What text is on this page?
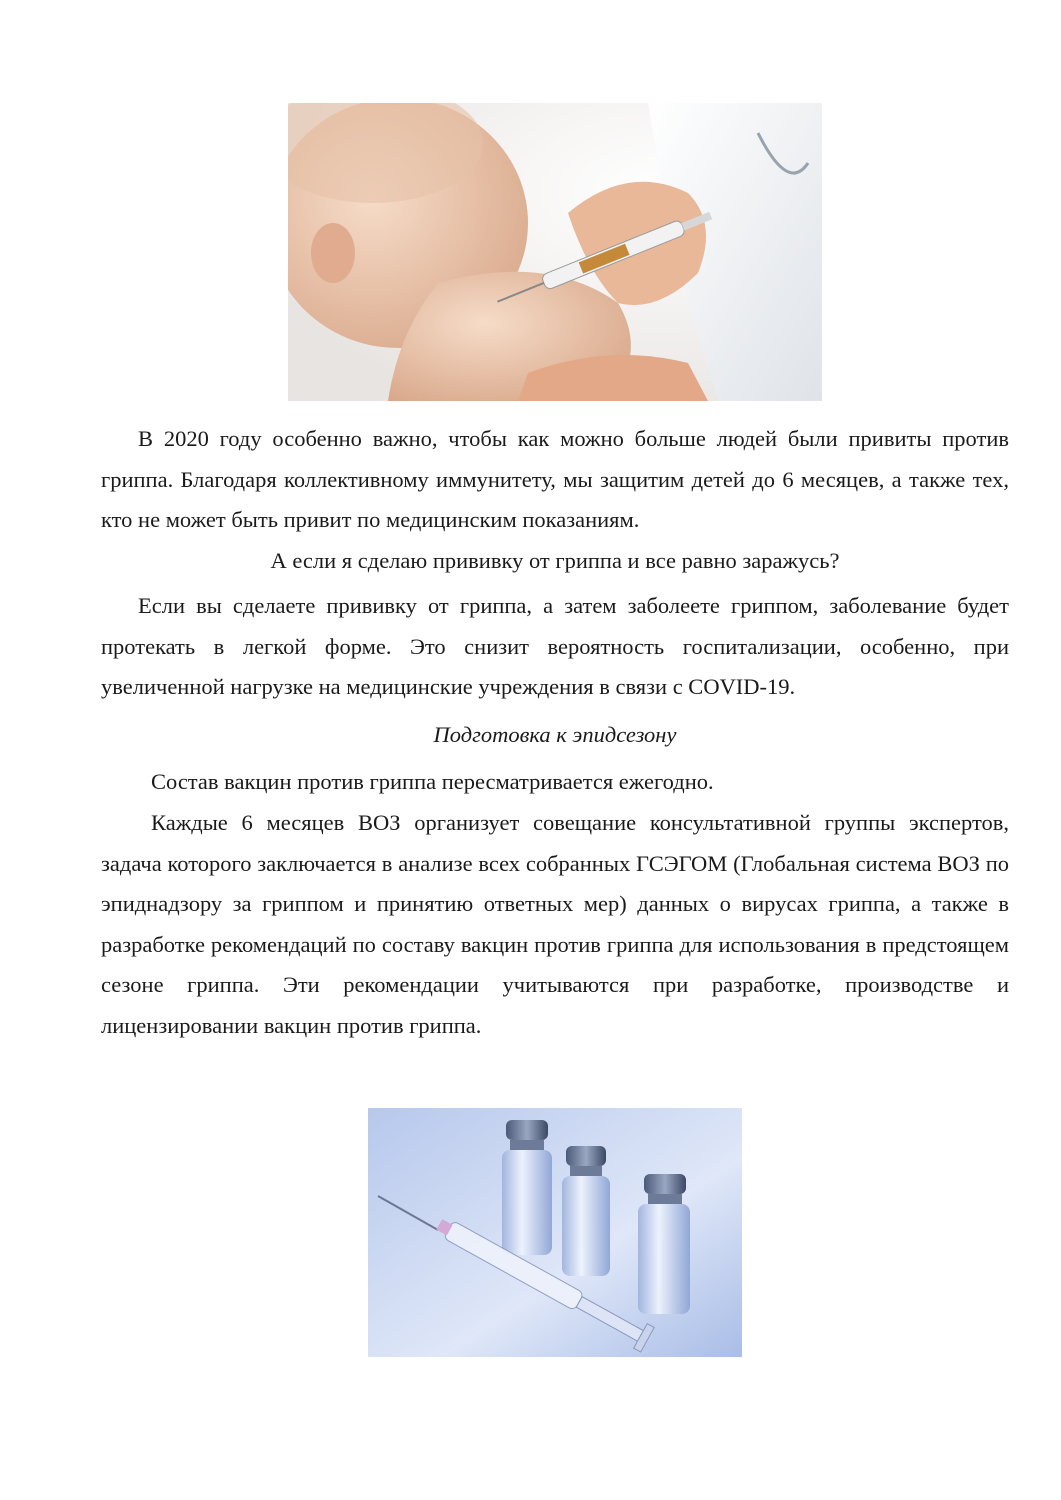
В 2020 году особенно важно, чтобы как можно больше людей были привиты против гриппа. Благодаря коллективному иммунитету, мы защитим детей до 6 месяцев, а также тех, кто не может быть привит по медицинским показаниям.

А если я сделаю прививку от гриппа и все равно заражусь?

Если вы сделаете прививку от гриппа, а затем заболеете гриппом, заболевание будет протекать в легкой форме. Это снизит вероятность госпитализации, особенно, при увеличенной нагрузке на медицинские учреждения в связи с COVID-19.

Подготовка к эпидсезону

Состав вакцин против гриппа пересматривается ежегодно.

Каждые 6 месяцев ВОЗ организует совещание консультативной группы экспертов, задача которого заключается в анализе всех собранных ГСЭГОМ (Глобальная система ВОЗ по эпиднадзору за гриппом и принятию ответных мер) данных о вирусах гриппа, а также в разработке рекомендаций по составу вакцин против гриппа для использования в предстоящем сезоне гриппа. Эти рекомендации учитываются при разработке, производстве и лицензировании вакцин против гриппа.
